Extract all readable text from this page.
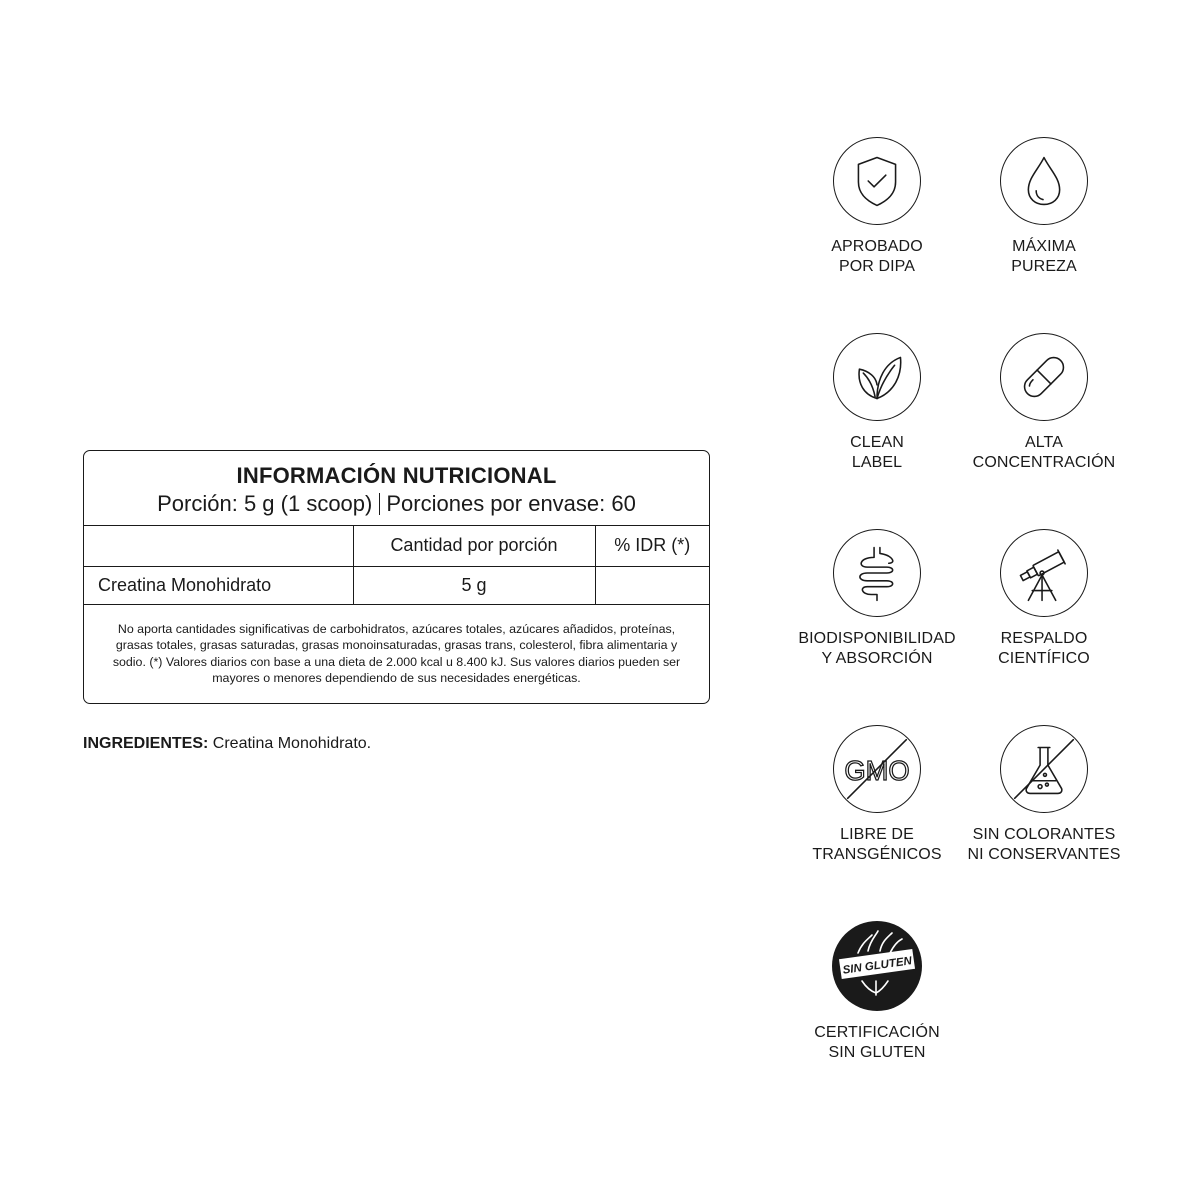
INFORMACIÓN NUTRICIONAL
Porción: 5 g (1 scoop) Porciones por envase: 60
	Cantidad por porción	% IDR (*)
Creatina Monohidrato	5 g	
No aporta cantidades significativas de carbohidratos, azúcares totales, azúcares añadidos, proteínas, grasas totales, grasas saturadas, grasas monoinsaturadas, grasas trans, colesterol, fibra alimentaria y sodio. (*) Valores diarios con base a una dieta de 2.000 kcal u 8.400 kJ. Sus valores diarios pueden ser mayores o menores dependiendo de sus necesidades energéticas.
INGREDIENTES: Creatina Monohidrato.
APROBADO
POR DIPA
MÁXIMA
PUREZA
CLEAN
LABEL
ALTA
CONCENTRACIÓN
BIODISPONIBILIDAD
Y ABSORCIÓN
RESPALDO
CIENTÍFICO
GMO
LIBRE DE
TRANSGÉNICOS
SIN COLORANTES
NI CONSERVANTES
SIN GLUTEN
CERTIFICACIÓN
SIN GLUTEN
